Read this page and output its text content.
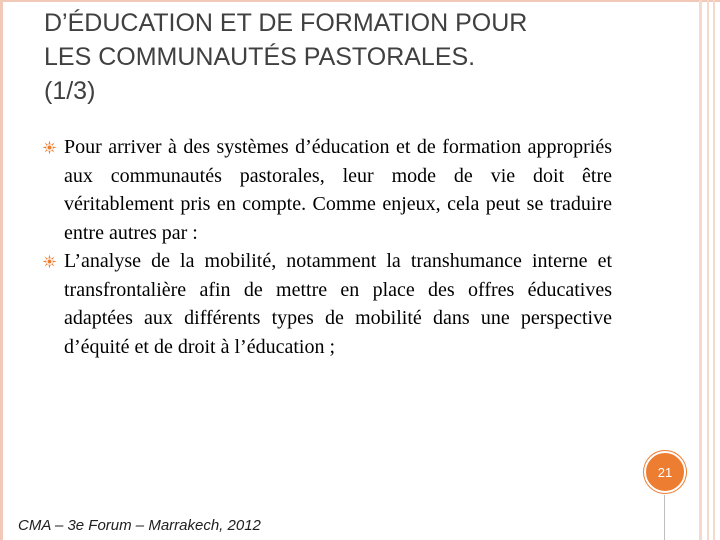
D’ÉDUCATION ET DE FORMATION POUR
LES COMMUNAUTÉS PASTORALES.
(1/3)
Pour arriver à des systèmes d’éducation et de formation appropriés aux communautés pastorales, leur mode de vie doit être véritablement pris en compte. Comme enjeux, cela peut se traduire entre autres par :
L’analyse de la mobilité, notamment la transhumance interne et transfrontalière afin de mettre en place des offres éducatives adaptées aux différents types de mobilité dans une perspective d’équité et de droit à l’éducation ;
21
CMA – 3e Forum – Marrakech, 2012
